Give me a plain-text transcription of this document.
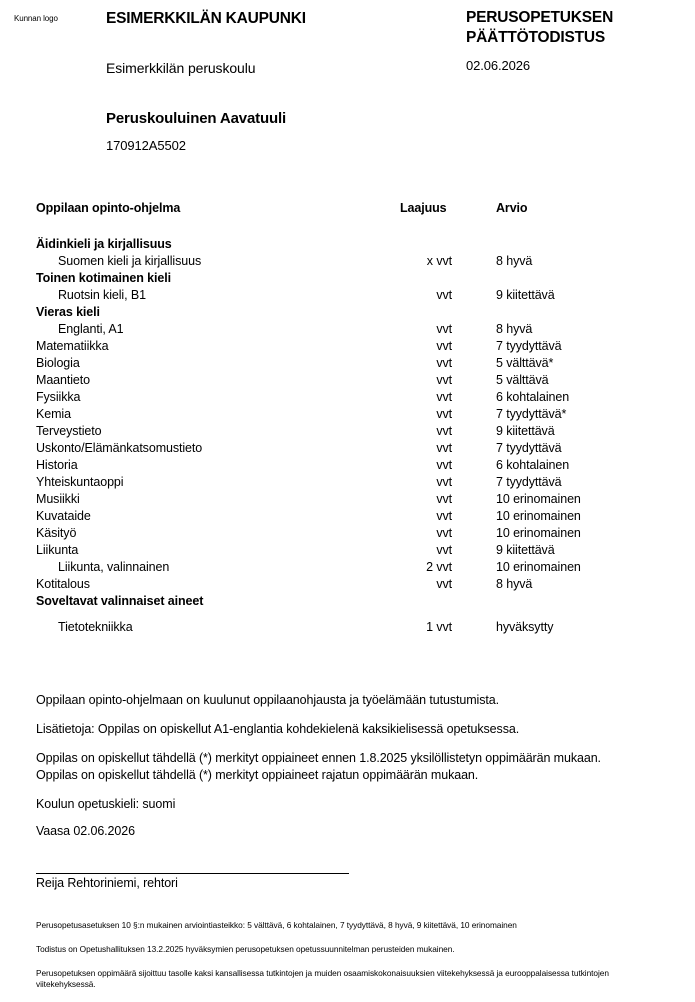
Kunnan logo	ESIMERKKILÄN KAUPUNKI
Esimerkkilän peruskoulu
PERUSOPETUKSEN
PÄÄTTÖTODISTUS
02.06.2026
Peruskouluinen Aavatuuli
170912A5502
Oppilaan opinto-ohjelma	Laajuus	Arvio
Äidinkieli ja kirjallisuus		
Suomen kieli ja kirjallisuus	x vvt	8 hyvä
Toinen kotimainen kieli		
Ruotsin kieli, B1	vvt	9 kiitettävä
Vieras kieli		
Englanti, A1	vvt	8 hyvä
Matematiikka	vvt	7 tyydyttävä
Biologia	vvt	5 välttävä*
Maantieto	vvt	5 välttävä
Fysiikka	vvt	6 kohtalainen
Kemia	vvt	7 tyydyttävä*
Terveystieto	vvt	9 kiitettävä
Uskonto/Elämänkatsomustieto	vvt	7 tyydyttävä
Historia	vvt	6 kohtalainen
Yhteiskuntaoppi	vvt	7 tyydyttävä
Musiikki	vvt	10 erinomainen
Kuvataide	vvt	10 erinomainen
Käsityö	vvt	10 erinomainen
Liikunta	vvt	9 kiitettävä
Liikunta, valinnainen	2 vvt	10 erinomainen
Kotitalous	vvt	8 hyvä
Soveltavat valinnaiset aineet		
Tietotekniikka	1 vvt	hyväksytty

Oppilaan opinto-ohjelmaan on kuulunut oppilaanohjausta ja työelämään tutustumista.

Lisätietoja: Oppilas on opiskellut A1-englantia kohdekielenä kaksikielisessä opetuksessa.

Oppilas on opiskellut tähdellä (*) merkityt oppiaineet ennen 1.8.2025 yksilöllistetyn oppimäärän mukaan.

Oppilas on opiskellut tähdellä (*) merkityt oppiaineet rajatun oppimäärän mukaan.

Koulun opetuskieli: suomi

Vaasa 02.06.2026
Reija Rehtoriniemi, rehtori

Perusopetusasetuksen 10 §:n mukainen arviointiasteikko: 5 välttävä, 6 kohtalainen, 7 tyydyttävä, 8 hyvä, 9 kiitettävä, 10 erinomainen

Todistus on Opetushallituksen 13.2.2025 hyväksymien perusopetuksen opetussuunnitelman perusteiden mukainen.

Perusopetuksen oppimäärä sijoittuu tasolle kaksi kansallisessa tutkintojen ja muiden osaamiskokonaisuuksien viitekehyksessä ja eurooppalaisessa tutkintojen viitekehyksessä.
